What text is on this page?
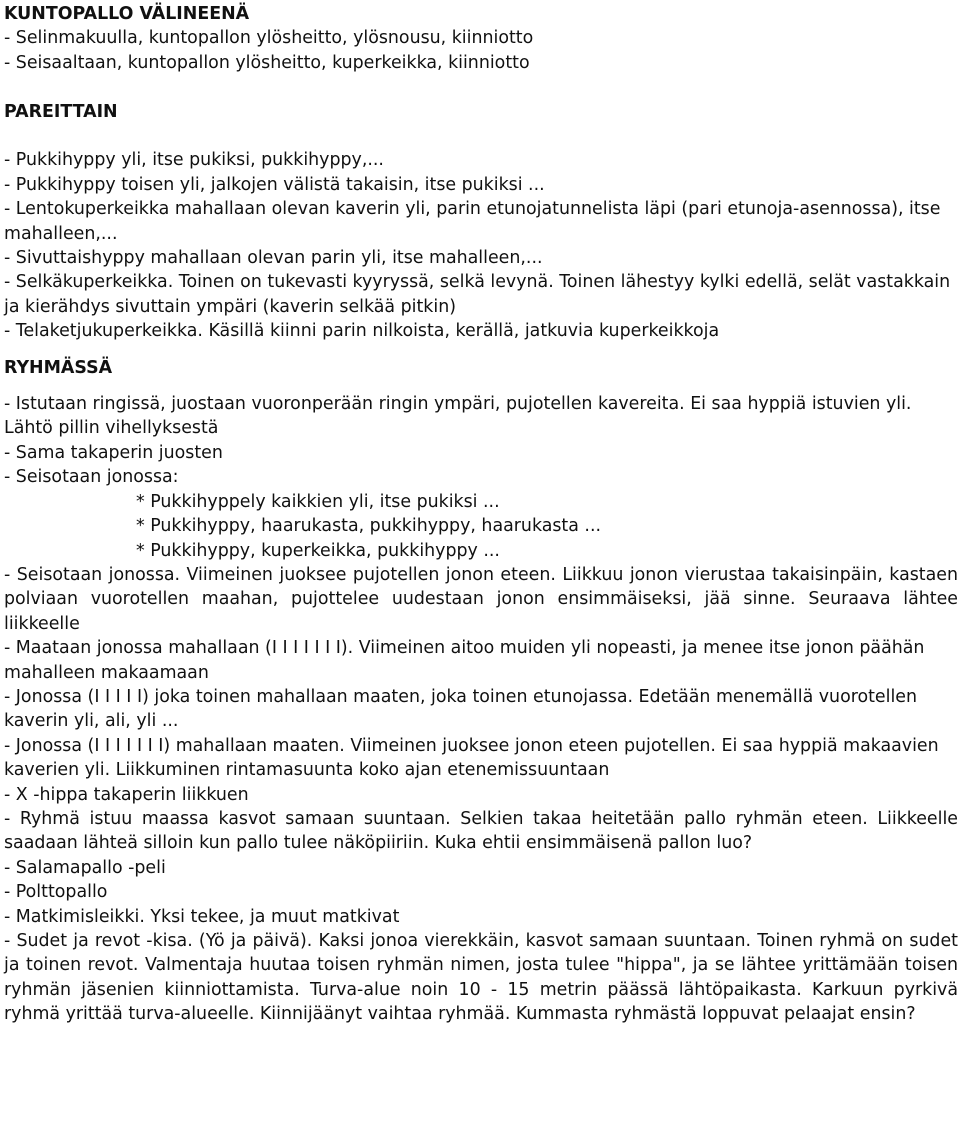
KUNTOPALLO VÄLINEENÄ

- Selinmakuulla, kuntopallon ylösheitto, ylösnousu, kiinniotto

- Seisaaltaan, kuntopallon ylösheitto, kuperkeikka, kiinniotto

PAREITTAIN

- Pukkihyppy yli, itse pukiksi, pukkihyppy,...

- Pukkihyppy toisen yli, jalkojen välistä takaisin, itse pukiksi ...

- Lentokuperkeikka mahallaan olevan kaverin yli, parin etunojatunnelista läpi (pari etunoja-asennossa), itse mahalleen,...

- Sivuttaishyppy mahallaan olevan parin yli, itse mahalleen,...

- Selkäkuperkeikka. Toinen on tukevasti kyyryssä, selkä levynä. Toinen lähestyy kylki edellä, selät vastakkain ja kierähdys sivuttain ympäri (kaverin selkää pitkin)

- Telaketjukuperkeikka. Käsillä kiinni parin nilkoista, kerällä, jatkuvia kuperkeikkoja

RYHMÄSSÄ

- Istutaan ringissä, juostaan vuoronperään ringin ympäri, pujotellen kavereita. Ei saa hyppiä istuvien yli. Lähtö pillin vihellyksestä

- Sama takaperin juosten

- Seisotaan jonossa:

* Pukkihyppely kaikkien yli, itse pukiksi ...

* Pukkihyppy, haarukasta, pukkihyppy, haarukasta ...

* Pukkihyppy, kuperkeikka, pukkihyppy ...

- Seisotaan jonossa. Viimeinen juoksee pujotellen jonon eteen. Liikkuu jonon vierustaa takaisinpäin, kastaen polviaan vuorotellen maahan, pujottelee uudestaan jonon ensimmäiseksi, jää sinne. Seuraava lähtee liikkeelle

- Maataan jonossa mahallaan (I I I I I I I). Viimeinen aitoo muiden yli nopeasti, ja menee itse jonon päähän mahalleen makaamaan

- Jonossa (I I I I I) joka toinen mahallaan maaten, joka toinen etunojassa. Edetään menemällä vuorotellen kaverin yli, ali, yli ...

- Jonossa (I I I I I I I) mahallaan maaten. Viimeinen juoksee jonon eteen pujotellen. Ei saa hyppiä makaavien kaverien yli. Liikkuminen rintamasuunta koko ajan etenemissuuntaan

- X -hippa takaperin liikkuen

- Ryhmä istuu maassa kasvot samaan suuntaan. Selkien takaa heitetään pallo ryhmän eteen. Liikkeelle saadaan lähteä silloin kun pallo tulee näköpiiriin. Kuka ehtii ensimmäisenä pallon luo?

- Salamapallo -peli

- Polttopallo

- Matkimisleikki. Yksi tekee, ja muut matkivat

- Sudet ja revot -kisa. (Yö ja päivä). Kaksi jonoa vierekkäin, kasvot samaan suuntaan. Toinen ryhmä on sudet ja toinen revot. Valmentaja huutaa toisen ryhmän nimen, josta tulee "hippa", ja se lähtee yrittämään toisen ryhmän jäsenien kiinniottamista. Turva-alue noin 10 - 15 metrin päässä lähtöpaikasta. Karkuun pyrkivä ryhmä yrittää turva-alueelle. Kiinnijäänyt vaihtaa ryhmää. Kummasta ryhmästä loppuvat pelaajat ensin?
